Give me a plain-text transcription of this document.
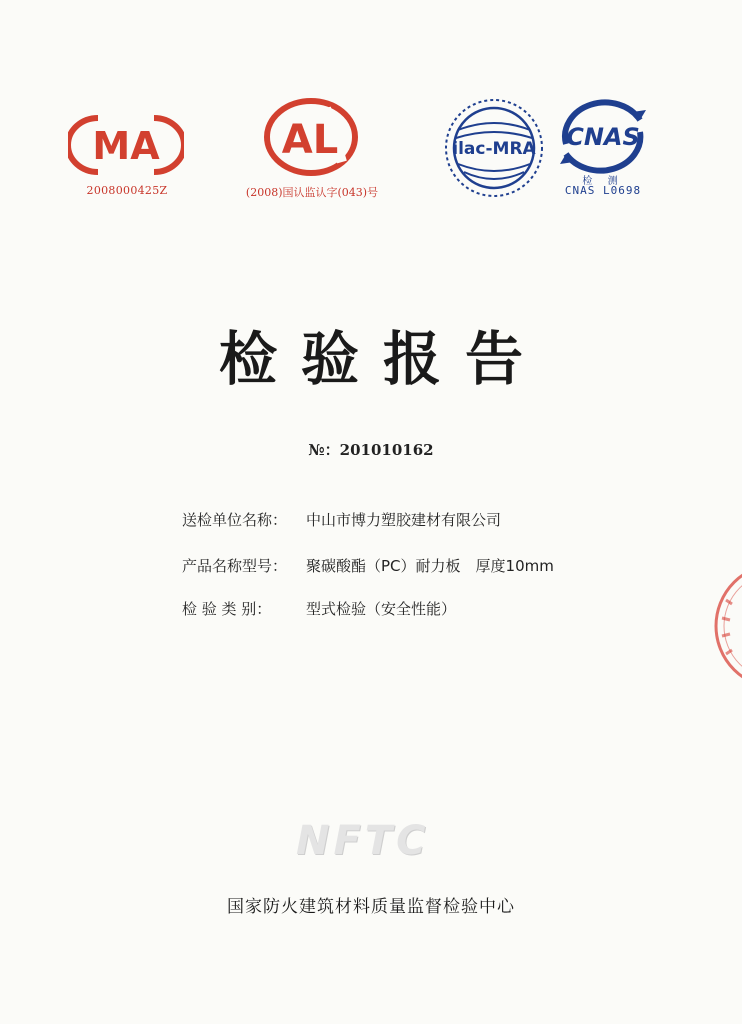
MA
2008000425Z
AL
(2008)国认监认字(043)号
ilac-MRA CNAS
检 测
CNAS L0698
检验报告
№：201010162
送检单位名称： 中山市博力塑胶建材有限公司
产品名称型号： 聚碳酸酯（PC）耐力板　厚度10mm
检 验 类 别： 型式检验（安全性能）
NFTC
国家防火建筑材料质量监督检验中心
